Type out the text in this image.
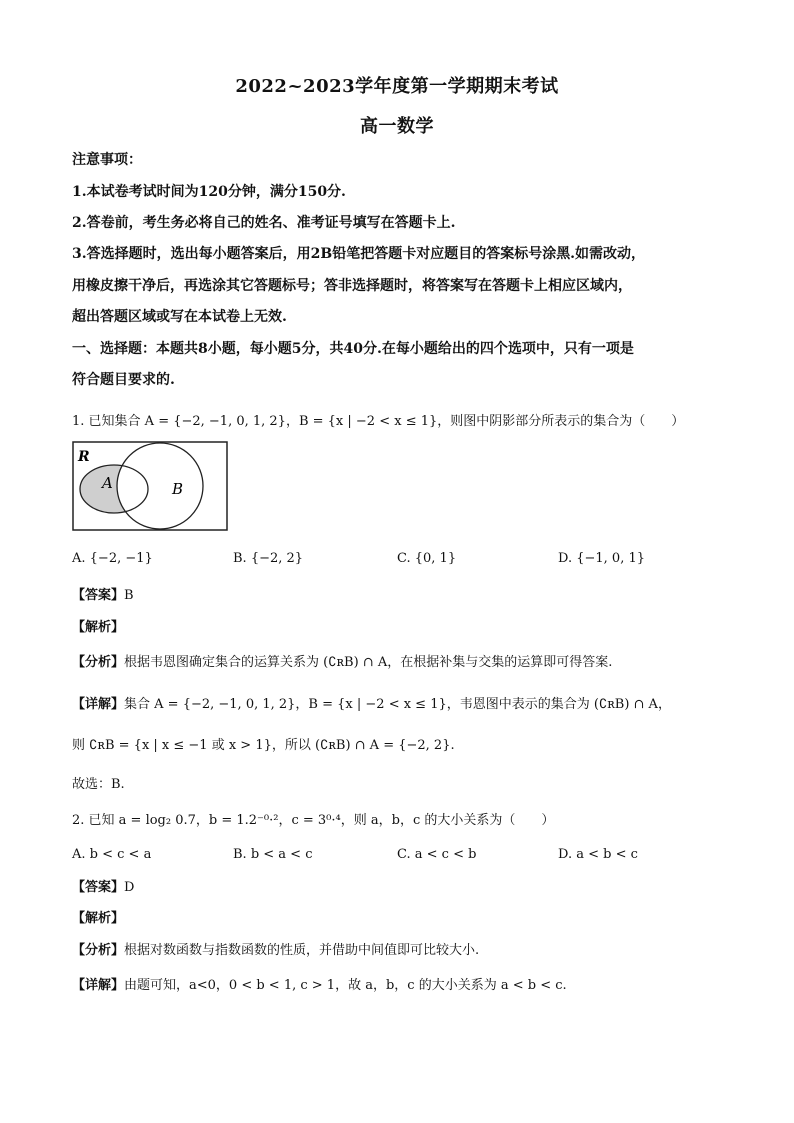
2022~2023学年度第一学期期末考试
高一数学
注意事项：
1.本试卷考试时间为120分钟，满分150分.
2.答卷前，考生务必将自己的姓名、准考证号填写在答题卡上.
3.答选择题时，选出每小题答案后，用2B铅笔把答题卡对应题目的答案标号涂黑.如需改动，
用橡皮擦干净后，再选涂其它答题标号；答非选择题时，将答案写在答题卡上相应区域内，
超出答题区域或写在本试卷上无效.
一、选择题：本题共8小题，每小题5分，共40分.在每小题给出的四个选项中，只有一项是
符合题目要求的.
1. 已知集合 A = {−2, −1, 0, 1, 2}，B = {x | −2 < x ≤ 1}，则图中阴影部分所表示的集合为（　　）
R
A	B
A. {−2, −1}	B. {−2, 2}	C. {0, 1}	D. {−1, 0, 1}
【答案】B
【解析】
【分析】根据韦恩图确定集合的运算关系为 (∁ʀB) ∩ A，在根据补集与交集的运算即可得答案.
【详解】集合 A = {−2, −1, 0, 1, 2}，B = {x | −2 < x ≤ 1}，韦恩图中表示的集合为 (∁ʀB) ∩ A，
则 ∁ʀB = {x | x ≤ −1 或 x > 1}，所以 (∁ʀB) ∩ A = {−2, 2}.
故选：B.
2. 已知 a = log₂ 0.7，b = 1.2⁻⁰·²，c = 3⁰·⁴，则 a，b，c 的大小关系为（　　）
A. b < c < a	B. b < a < c	C. a < c < b	D. a < b < c
【答案】D
【解析】
【分析】根据对数函数与指数函数的性质，并借助中间值即可比较大小.
【详解】由题可知，a<0，0 < b < 1, c > 1，故 a，b，c 的大小关系为 a < b < c.
